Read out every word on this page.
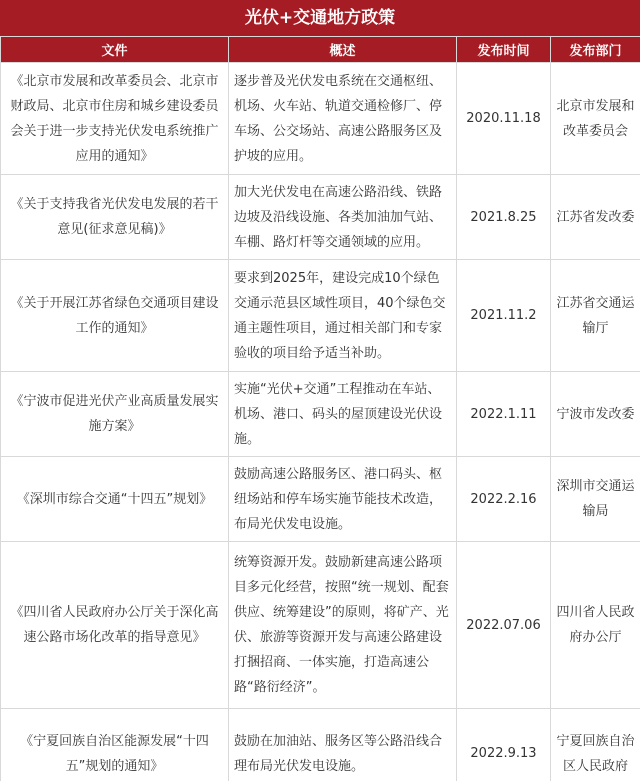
光伏+交通地方政策
文件	概述	发布时间	发布部门
《北京市发展和改革委员会、北京市财政局、北京市住房和城乡建设委员会关于进一步支持光伏发电系统推广应用的通知》	逐步普及光伏发电系统在交通枢纽、机场、火车站、轨道交通检修厂、停车场、公交场站、高速公路服务区及护坡的应用。	2020.11.18	北京市发展和改革委员会
《关于支持我省光伏发电发展的若干意见(征求意见稿)》	加大光伏发电在高速公路沿线、铁路边坡及沿线设施、各类加油加气站、车棚、路灯杆等交通领域的应用。	2021.8.25	江苏省发改委
《关于开展江苏省绿色交通项目建设工作的通知》	要求到2025年，建设完成10个绿色交通示范县区域性项目，40个绿色交通主题性项目，通过相关部门和专家验收的项目给予适当补助。	2021.11.2	江苏省交通运输厅
《宁波市促进光伏产业高质量发展实施方案》	实施“光伏+交通”工程推动在车站、机场、港口、码头的屋顶建设光伏设施。	2022.1.11	宁波市发改委
《深圳市综合交通“十四五”规划》	鼓励高速公路服务区、港口码头、枢纽场站和停车场实施节能技术改造，布局光伏发电设施。	2022.2.16	深圳市交通运输局
《四川省人民政府办公厅关于深化高速公路市场化改革的指导意见》	统筹资源开发。鼓励新建高速公路项目多元化经营，按照“统一规划、配套供应、统筹建设”的原则，将矿产、光伏、旅游等资源开发与高速公路建设打捆招商、一体实施，打造高速公路“路衍经济”。	2022.07.06	四川省人民政府办公厅
《宁夏回族自治区能源发展“十四五”规划的通知》	鼓励在加油站、服务区等公路沿线合理布局光伏发电设施。	2022.9.13	宁夏回族自治区人民政府
